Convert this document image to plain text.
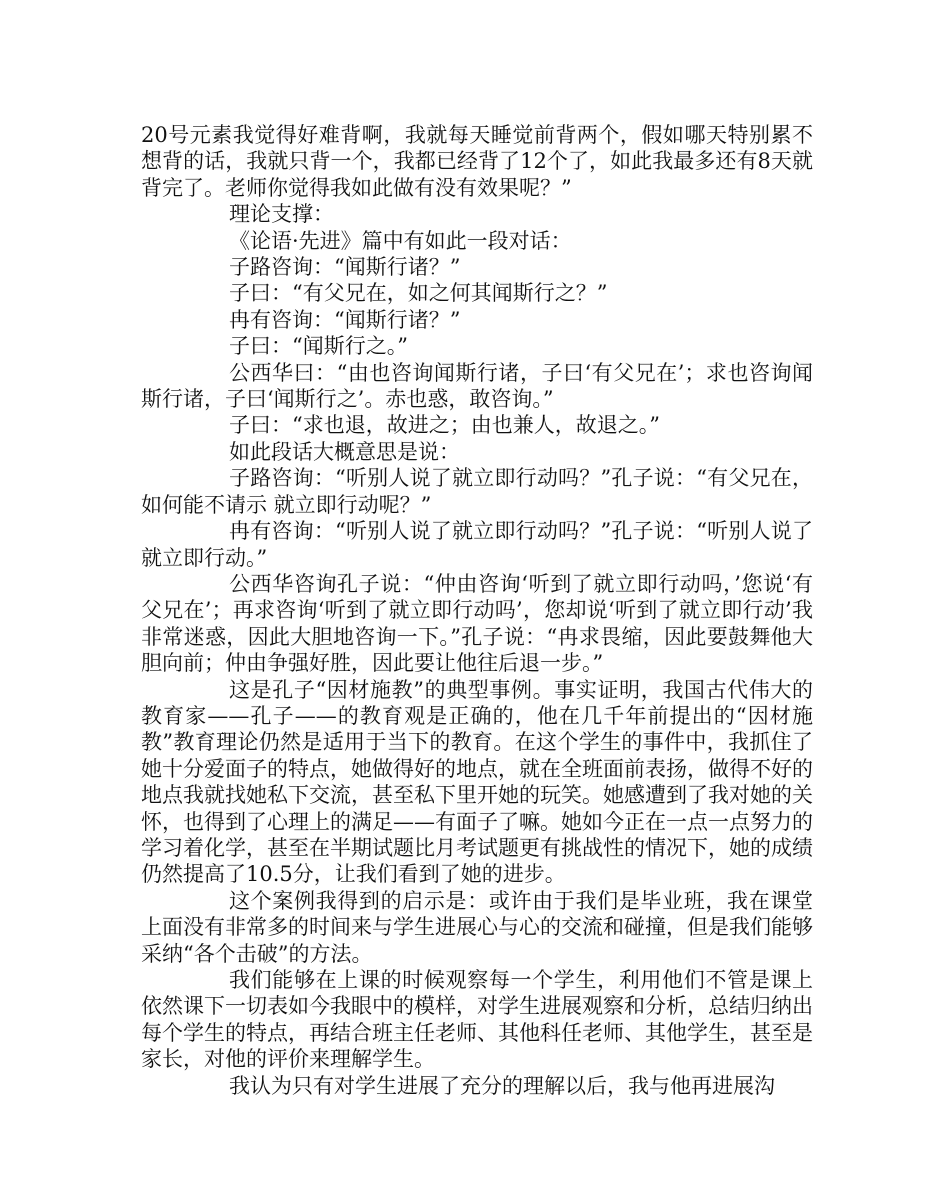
20号元素我觉得好难背啊，我就每天睡觉前背两个，假如哪天特别累不想背的话，我就只背一个，我都已经背了12个了，如此我最多还有8天就背完了。老师你觉得我如此做有没有效果呢？”

理论支撑：

《论语·先进》篇中有如此一段对话：

子路咨询：“闻斯行诸？”

子曰：“有父兄在，如之何其闻斯行之？”

冉有咨询：“闻斯行诸？”

子曰：“闻斯行之。”

公西华曰：“由也咨询闻斯行诸，子曰‘有父兄在’；求也咨询闻斯行诸，子曰‘闻斯行之’。赤也惑，敢咨询。”

子曰：“求也退，故进之；由也兼人，故退之。”

如此段话大概意思是说：

子路咨询：“听别人说了就立即行动吗？”孔子说：“有父兄在，如何能不请示 就立即行动呢？”

冉有咨询：“听别人说了就立即行动吗？”孔子说：“听别人说了就立即行动。”

公西华咨询孔子说：“仲由咨询‘听到了就立即行动吗，’您说‘有父兄在’；再求咨询‘听到了就立即行动吗’，您却说‘听到了就立即行动’我非常迷惑，因此大胆地咨询一下。”孔子说：“冉求畏缩，因此要鼓舞他大胆向前；仲由争强好胜，因此要让他往后退一步。”

这是孔子“因材施教”的典型事例。事实证明，我国古代伟大的教育家——孔子——的教育观是正确的，他在几千年前提出的“因材施教”教育理论仍然是适用于当下的教育。在这个学生的事件中，我抓住了她十分爱面子的特点，她做得好的地点，就在全班面前表扬，做得不好的地点我就找她私下交流，甚至私下里开她的玩笑。她感遭到了我对她的关怀，也得到了心理上的满足——有面子了嘛。她如今正在一点一点努力的学习着化学，甚至在半期试题比月考试题更有挑战性的情况下，她的成绩仍然提高了10.5分，让我们看到了她的进步。

这个案例我得到的启示是：或许由于我们是毕业班，我在课堂上面没有非常多的时间来与学生进展心与心的交流和碰撞，但是我们能够采纳“各个击破”的方法。

我们能够在上课的时候观察每一个学生，利用他们不管是课上依然课下一切表如今我眼中的模样，对学生进展观察和分析，总结归纳出每个学生的特点，再结合班主任老师、其他科任老师、其他学生，甚至是家长，对他的评价来理解学生。

我认为只有对学生进展了充分的理解以后，我与他再进展沟
